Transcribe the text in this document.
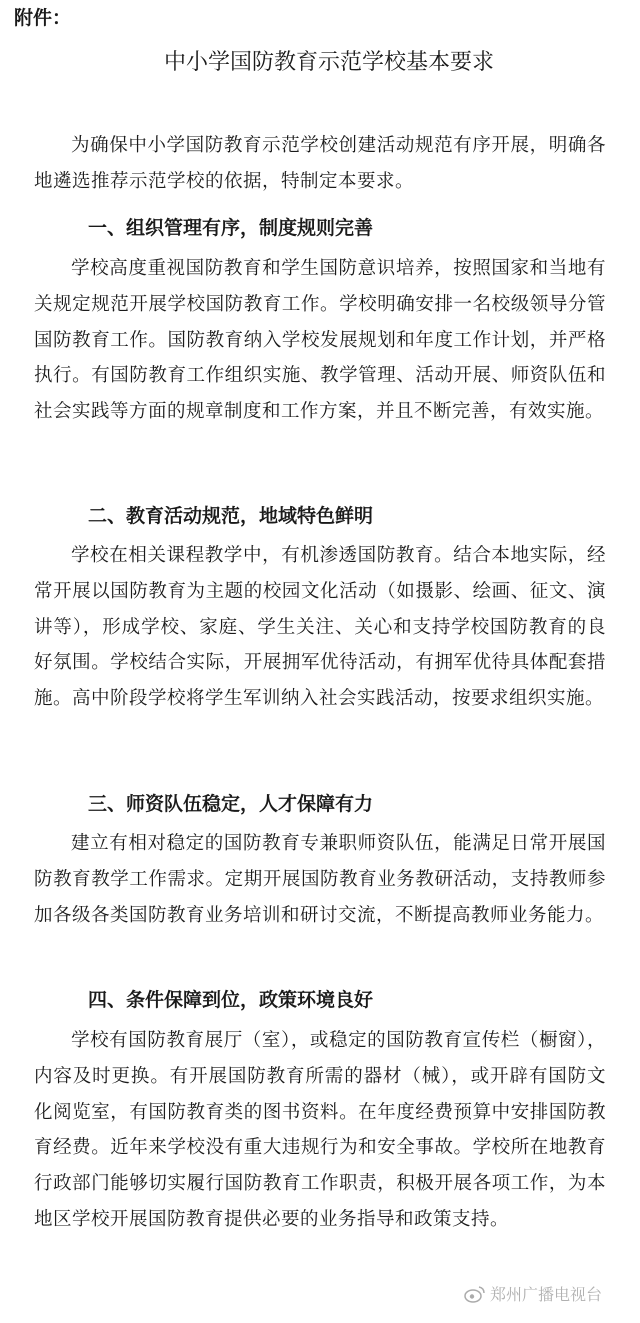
附件：
中小学国防教育示范学校基本要求
为确保中小学国防教育示范学校创建活动规范有序开展，明确各地遴选推荐示范学校的依据，特制定本要求。
一、组织管理有序，制度规则完善
学校高度重视国防教育和学生国防意识培养，按照国家和当地有关规定规范开展学校国防教育工作。学校明确安排一名校级领导分管国防教育工作。国防教育纳入学校发展规划和年度工作计划，并严格执行。有国防教育工作组织实施、教学管理、活动开展、师资队伍和社会实践等方面的规章制度和工作方案，并且不断完善，有效实施。
二、教育活动规范，地域特色鲜明
学校在相关课程教学中，有机渗透国防教育。结合本地实际，经常开展以国防教育为主题的校园文化活动（如摄影、绘画、征文、演讲等），形成学校、家庭、学生关注、关心和支持学校国防教育的良好氛围。学校结合实际，开展拥军优待活动，有拥军优待具体配套措施。高中阶段学校将学生军训纳入社会实践活动，按要求组织实施。
三、师资队伍稳定，人才保障有力
建立有相对稳定的国防教育专兼职师资队伍，能满足日常开展国防教育教学工作需求。定期开展国防教育业务教研活动，支持教师参加各级各类国防教育业务培训和研讨交流，不断提高教师业务能力。
四、条件保障到位，政策环境良好
学校有国防教育展厅（室），或稳定的国防教育宣传栏（橱窗），内容及时更换。有开展国防教育所需的器材（械），或开辟有国防文化阅览室，有国防教育类的图书资料。在年度经费预算中安排国防教育经费。近年来学校没有重大违规行为和安全事故。学校所在地教育行政部门能够切实履行国防教育工作职责，积极开展各项工作，为本地区学校开展国防教育提供必要的业务指导和政策支持。
郑州广播电视台
